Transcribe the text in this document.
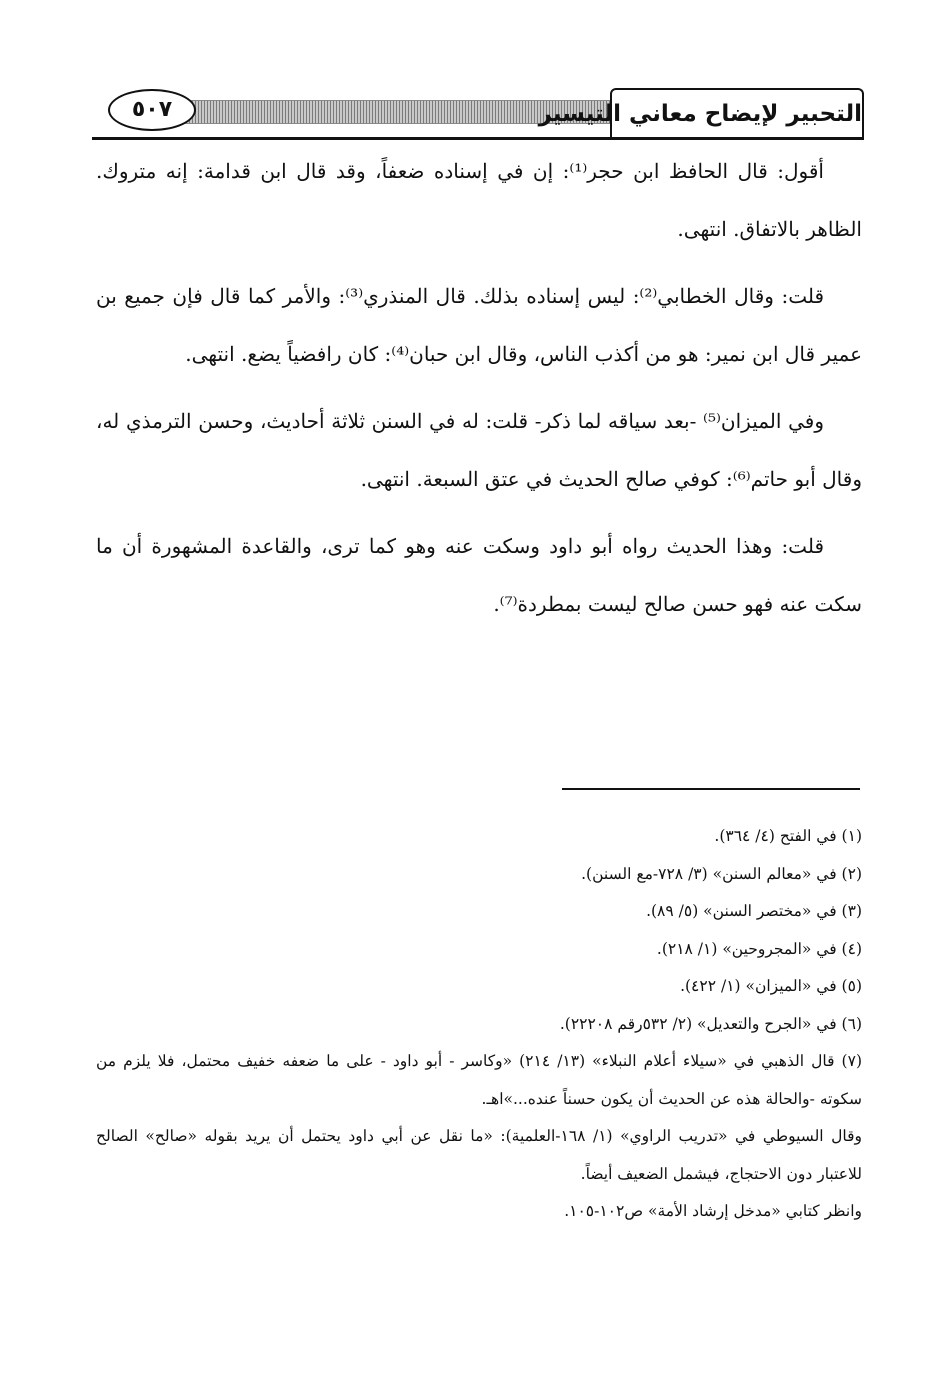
التحبير لإيضاح معاني التيسير
٥٠٧

أقول: قال الحافظ ابن حجر⁽¹⁾: إن في إسناده ضعفاً، وقد قال ابن قدامة: إنه متروك. الظاهر بالاتفاق. انتهى.

قلت: وقال الخطابي⁽²⁾: ليس إسناده بذلك. قال المنذري⁽³⁾: والأمر كما قال فإن جميع بن عمير قال ابن نمير: هو من أكذب الناس، وقال ابن حبان⁽⁴⁾: كان رافضياً يضع. انتهى.

وفي الميزان⁽⁵⁾ -بعد سياقه لما ذكر- قلت: له في السنن ثلاثة أحاديث، وحسن الترمذي له، وقال أبو حاتم⁽⁶⁾: كوفي صالح الحديث في عتق السبعة. انتهى.

قلت: وهذا الحديث رواه أبو داود وسكت عنه وهو كما ترى، والقاعدة المشهورة أن ما سكت عنه فهو حسن صالح ليست بمطردة⁽⁷⁾.

(١) في الفتح (٤/ ٣٦٤).

(٢) في «معالم السنن» (٣/ ٧٢٨-مع السنن).

(٣) في «مختصر السنن» (٥/ ٨٩).

(٤) في «المجروحين» (١/ ٢١٨).

(٥) في «الميزان» (١/ ٤٢٢).

(٦) في «الجرح والتعديل» (٢/ ٥٣٢رقم ٢٢٢٠٨).

(٧) قال الذهبي في «سيلاء أعلام النبلاء» (١٣/ ٢١٤) «وكاسر - أبو داود - على ما ضعفه خفيف محتمل، فلا يلزم من سكوته -والحالة هذه عن الحديث أن يكون حسناً عنده...»اهـ.

وقال السيوطي في «تدريب الراوي» (١/ ١٦٨-العلمية): «ما نقل عن أبي داود يحتمل أن يريد بقوله «صالح» الصالح للاعتبار دون الاحتجاج، فيشمل الضعيف أيضاً.

وانظر كتابي «مدخل إرشاد الأمة» ص١٠٢-١٠٥.
